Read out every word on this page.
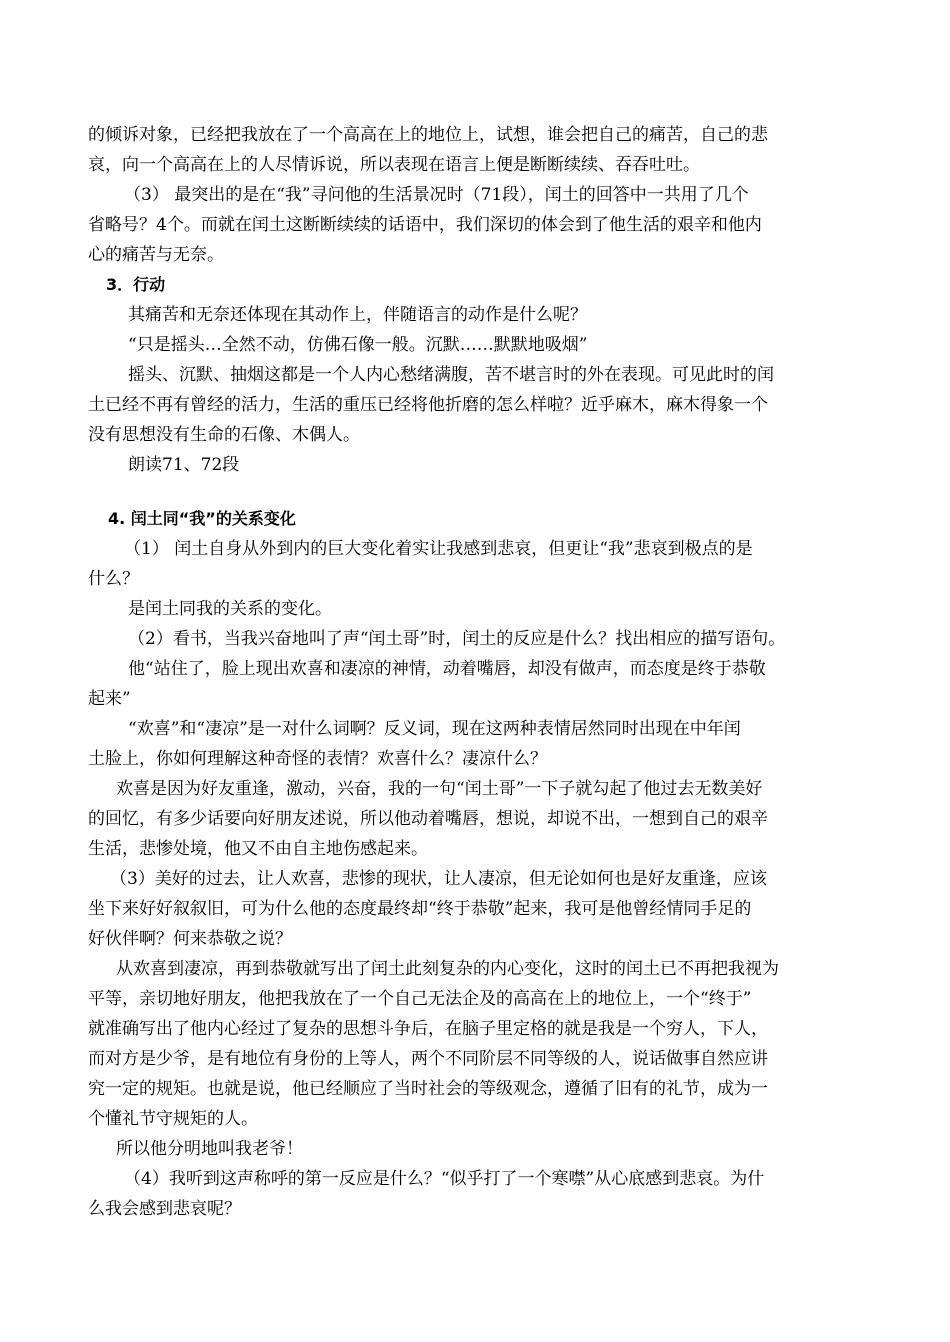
的倾诉对象，已经把我放在了一个高高在上的地位上，试想，谁会把自己的痛苦，自己的悲

哀，向一个高高在上的人尽情诉说，所以表现在语言上便是断断续续、吞吞吐吐。

（3） 最突出的是在“我”寻问他的生活景况时（71段），闰土的回答中一共用了几个

省略号？4个。而就在闰土这断断续续的话语中，我们深切的体会到了他生活的艰辛和他内

心的痛苦与无奈。

3．行动

其痛苦和无奈还体现在其动作上，伴随语言的动作是什么呢？

“只是摇头…全然不动，仿佛石像一般。沉默……默默地吸烟”

摇头、沉默、抽烟这都是一个人内心愁绪满腹，苦不堪言时的外在表现。可见此时的闰

土已经不再有曾经的活力，生活的重压已经将他折磨的怎么样啦？近乎麻木，麻木得象一个

没有思想没有生命的石像、木偶人。

朗读71、72段

4. 闰土同“我”的关系变化

（1） 闰土自身从外到内的巨大变化着实让我感到悲哀，但更让“我”悲哀到极点的是

什么？

是闰土同我的关系的变化。

（2）看书，当我兴奋地叫了声“闰土哥”时，闰土的反应是什么？找出相应的描写语句。

他“站住了，脸上现出欢喜和凄凉的神情，动着嘴唇，却没有做声，而态度是终于恭敬

起来”

“欢喜”和“凄凉”是一对什么词啊？反义词，现在这两种表情居然同时出现在中年闰

土脸上，你如何理解这种奇怪的表情？欢喜什么？凄凉什么？

欢喜是因为好友重逢，激动，兴奋，我的一句“闰土哥”一下子就勾起了他过去无数美好

的回忆，有多少话要向好朋友述说，所以他动着嘴唇，想说，却说不出，一想到自己的艰辛

生活，悲惨处境，他又不由自主地伤感起来。

（3）美好的过去，让人欢喜，悲惨的现状，让人凄凉，但无论如何也是好友重逢，应该

坐下来好好叙叙旧，可为什么他的态度最终却“终于恭敬”起来，我可是他曾经情同手足的

好伙伴啊？何来恭敬之说？

从欢喜到凄凉，再到恭敬就写出了闰土此刻复杂的内心变化，这时的闰土已不再把我视为

平等，亲切地好朋友，他把我放在了一个自己无法企及的高高在上的地位上，一个“终于”

就准确写出了他内心经过了复杂的思想斗争后，在脑子里定格的就是我是一个穷人，下人，

而对方是少爷，是有地位有身份的上等人，两个不同阶层不同等级的人，说话做事自然应讲

究一定的规矩。也就是说，他已经顺应了当时社会的等级观念，遵循了旧有的礼节，成为一

个懂礼节守规矩的人。

所以他分明地叫我老爷！

（4）我听到这声称呼的第一反应是什么？“似乎打了一个寒噤”从心底感到悲哀。为什

么我会感到悲哀呢？
